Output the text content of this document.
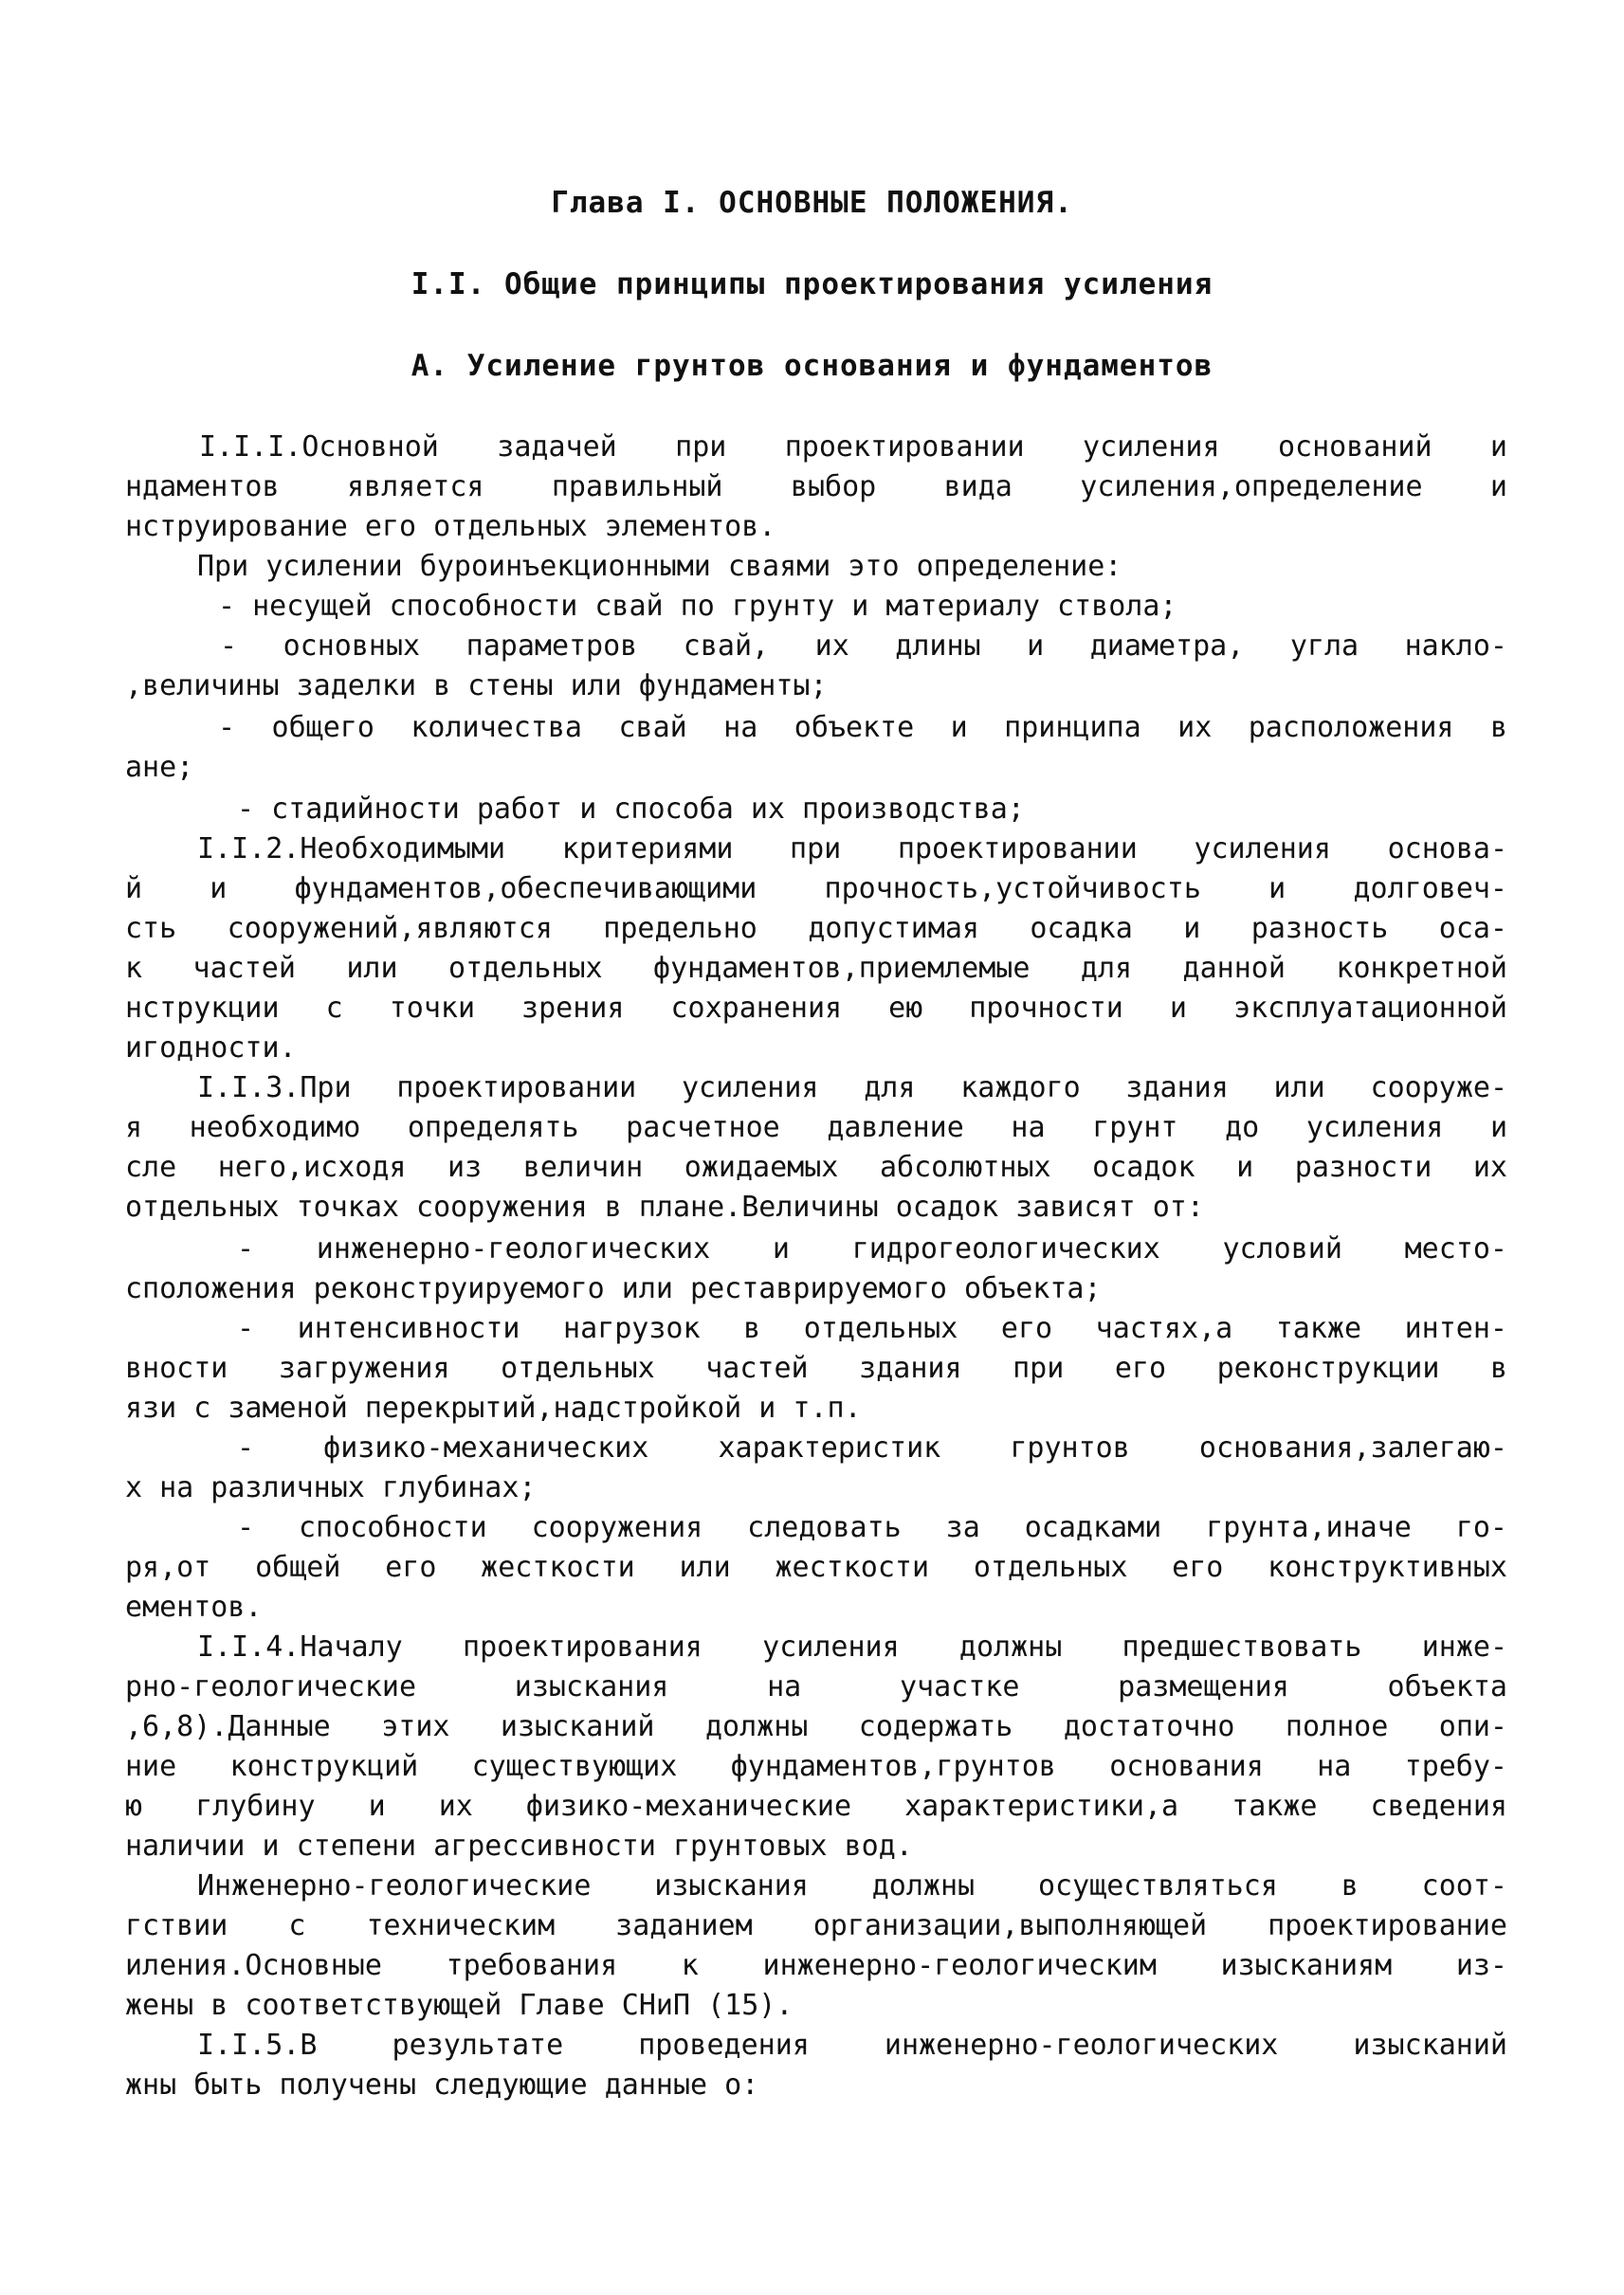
Глава I. ОСНОВНЫЕ ПОЛОЖЕНИЯ.
I.I. Общие принципы проектирования усиления
А. Усиление грунтов основания и фундаментов
I.I.I.Основной задачей при проектировании усиления оснований и
ндаментов является правильный выбор вида усиления,определение и
нструирование его отдельных элементов.
При усилении буроинъекционными сваями это определение:
- несущей способности свай по грунту и материалу ствола;
- основных параметров свай, их длины и диаметра, угла накло-
,величины заделки в стены или фундаменты;
- общего количества свай на объекте и принципа их расположения в
ане;
- стадийности работ и способа их производства;
I.I.2.Необходимыми критериями при проектировании усиления основа-
й и фундаментов,обеспечивающими прочность,устойчивость и долговеч-
сть сооружений,являются предельно допустимая осадка и разность оса-
к частей или отдельных фундаментов,приемлемые для данной конкретной
нструкции с точки зрения сохранения ею прочности и эксплуатационной
игодности.
I.I.3.При проектировании усиления для каждого здания или сооруже-
я необходимо определять расчетное давление на грунт до усиления и
сле него,исходя из величин ожидаемых абсолютных осадок и разности их
отдельных точках сооружения в плане.Величины осадок зависят от:
- инженерно-геологических и гидрогеологических условий место-
сположения реконструируемого или реставрируемого объекта;
- интенсивности нагрузок в отдельных его частях,а также интен-
вности загружения отдельных частей здания при его реконструкции в
язи с заменой перекрытий,надстройкой и т.п.
- физико-механических характеристик грунтов основания,залегаю-
х на различных глубинах;
- способности сооружения следовать за осадками грунта,иначе го-
ря,от общей его жесткости или жесткости отдельных его конструктивных
ементов.
I.I.4.Началу проектирования усиления должны предшествовать инже-
рно-геологические изыскания на участке размещения объекта
,6,8).Данные этих изысканий должны содержать достаточно полное опи-
ние конструкций существующих фундаментов,грунтов основания на требу-
ю глубину и их физико-механические характеристики,а также сведения
наличии и степени агрессивности грунтовых вод.
Инженерно-геологические изыскания должны осуществляться в соот-
гствии с техническим заданием организации,выполняющей проектирование
иления.Основные требования к инженерно-геологическим изысканиям из-
жены в соответствующей Главе СНиП (15).
I.I.5.В результате проведения инженерно-геологических изысканий
жны быть получены следующие данные о:
